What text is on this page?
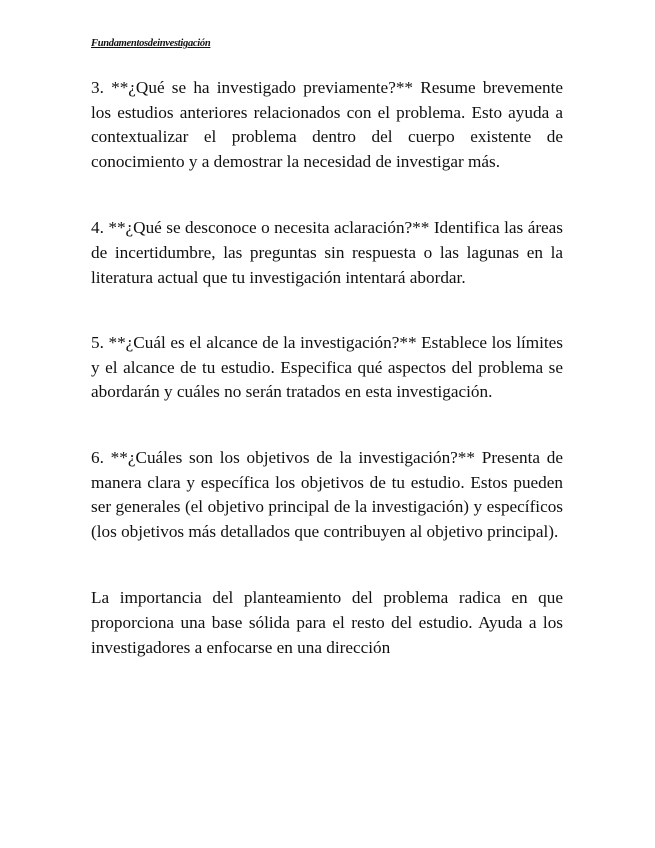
Fundamentosdeinvestigación

3. **¿Qué se ha investigado previamente?** Resume brevemente los estudios anteriores relacionados con el problema. Esto ayuda a contextualizar el problema dentro del cuerpo existente de conocimiento y a demostrar la necesidad de investigar más.

4. **¿Qué se desconoce o necesita aclaración?** Identifica las áreas de incertidumbre, las preguntas sin respuesta o las lagunas en la literatura actual que tu investigación intentará abordar.

5. **¿Cuál es el alcance de la investigación?** Establece los límites y el alcance de tu estudio. Especifica qué aspectos del problema se abordarán y cuáles no serán tratados en esta investigación.

6. **¿Cuáles son los objetivos de la investigación?** Presenta de manera clara y específica los objetivos de tu estudio. Estos pueden ser generales (el objetivo principal de la investigación) y específicos (los objetivos más detallados que contribuyen al objetivo principal).

La importancia del planteamiento del problema radica en que proporciona una base sólida para el resto del estudio. Ayuda a los investigadores a enfocarse en una dirección
